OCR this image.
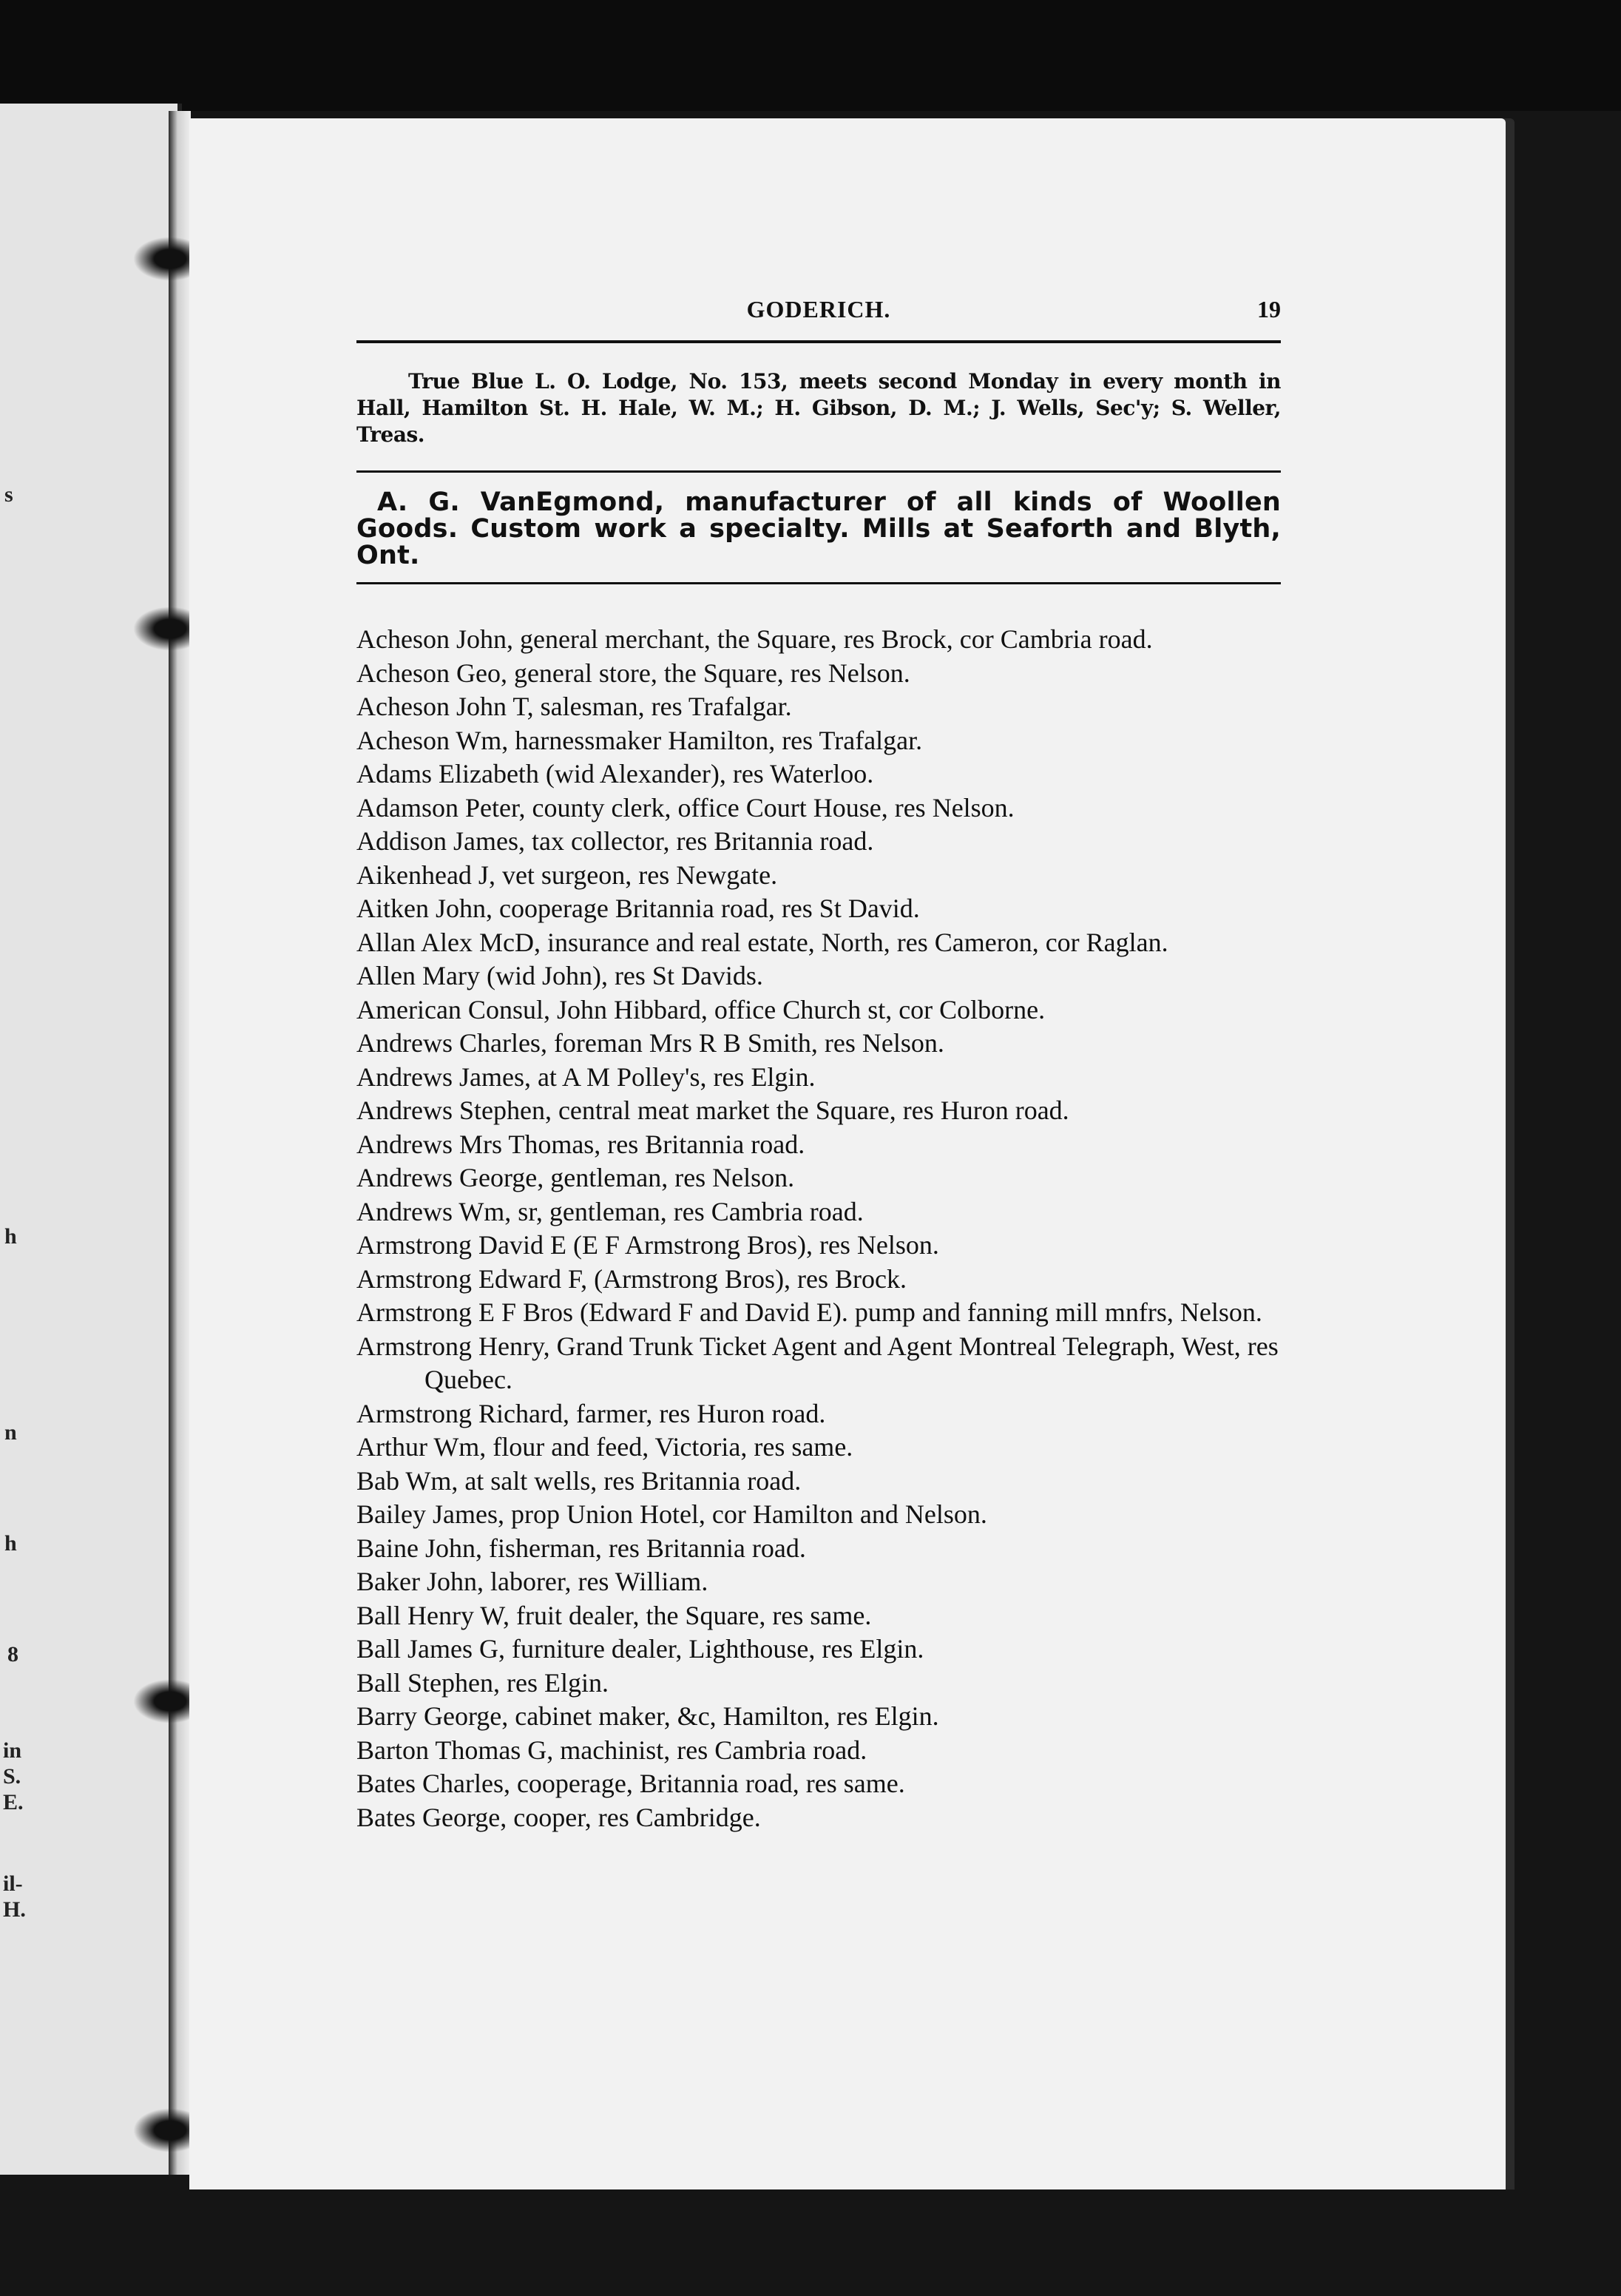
s
h
n
h
8
in
S.
E.
il-
H.
GODERICH.	19

True Blue L. O. Lodge, No. 153, meets second Monday in every month in Hall, Hamilton St. H. Hale, W. M.; H. Gibson, D. M.; J. Wells, Sec'y; S. Weller, Treas.

A. G. VanEgmond, manufacturer of all kinds of Woollen Goods. Custom work a specialty. Mills at Seaforth and Blyth, Ont.

Acheson John, general merchant, the Square, res Brock, cor Cambria road.
Acheson Geo, general store, the Square, res Nelson.
Acheson John T, salesman, res Trafalgar.
Acheson Wm, harnessmaker Hamilton, res Trafalgar.
Adams Elizabeth (wid Alexander), res Waterloo.
Adamson Peter, county clerk, office Court House, res Nelson.
Addison James, tax collector, res Britannia road.
Aikenhead J, vet surgeon, res Newgate.
Aitken John, cooperage Britannia road, res St David.
Allan Alex McD, insurance and real estate, North, res Cameron, cor Raglan.
Allen Mary (wid John), res St Davids.
American Consul, John Hibbard, office Church st, cor Colborne.
Andrews Charles, foreman Mrs R B Smith, res Nelson.
Andrews James, at A M Polley's, res Elgin.
Andrews Stephen, central meat market the Square, res Huron road.
Andrews Mrs Thomas, res Britannia road.
Andrews George, gentleman, res Nelson.
Andrews Wm, sr, gentleman, res Cambria road.
Armstrong David E (E F Armstrong Bros), res Nelson.
Armstrong Edward F, (Armstrong Bros), res Brock.
Armstrong E F Bros (Edward F and David E). pump and fanning mill mnfrs, Nelson.
Armstrong Henry, Grand Trunk Ticket Agent and Agent Montreal Telegraph, West, res Quebec.
Armstrong Richard, farmer, res Huron road.
Arthur Wm, flour and feed, Victoria, res same.
Bab Wm, at salt wells, res Britannia road.
Bailey James, prop Union Hotel, cor Hamilton and Nelson.
Baine John, fisherman, res Britannia road.
Baker John, laborer, res William.
Ball Henry W, fruit dealer, the Square, res same.
Ball James G, furniture dealer, Lighthouse, res Elgin.
Ball Stephen, res Elgin.
Barry George, cabinet maker, &c, Hamilton, res Elgin.
Barton Thomas G, machinist, res Cambria road.
Bates Charles, cooperage, Britannia road, res same.
Bates George, cooper, res Cambridge.
